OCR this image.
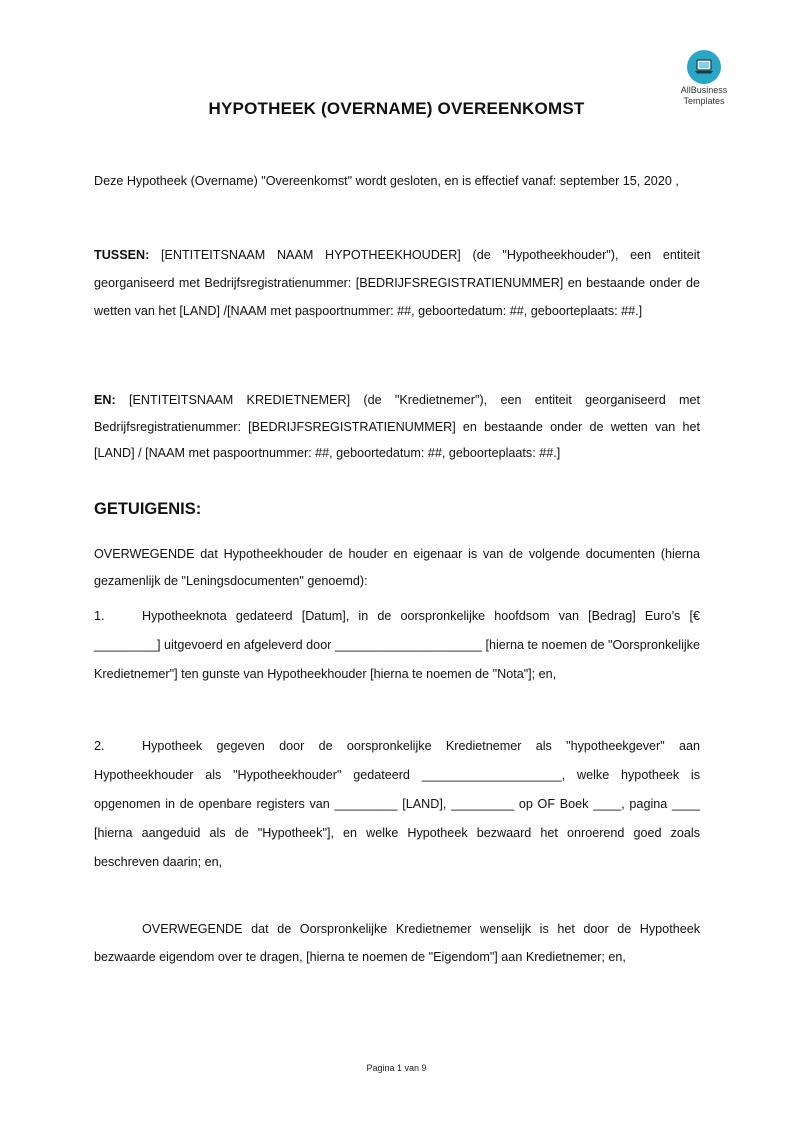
AllBusiness
Templates
HYPOTHEEK (OVERNAME) OVEREENKOMST
Deze Hypotheek (Overname) "Overeenkomst" wordt gesloten, en is effectief vanaf: september 15, 2020 ,
TUSSEN: [ENTITEITSNAAM NAAM HYPOTHEEKHOUDER] (de "Hypotheekhouder"), een entiteit georganiseerd met Bedrijfsregistratienummer: [BEDRIJFSREGISTRATIENUMMER] en bestaande onder de wetten van het [LAND] /[NAAM met paspoortnummer: ##, geboortedatum: ##, geboorteplaats: ##.]
EN: [ENTITEITSNAAM KREDIETNEMER] (de "Kredietnemer"), een entiteit georganiseerd met Bedrijfsregistratienummer: [BEDRIJFSREGISTRATIENUMMER] en bestaande onder de wetten van het [LAND] / [NAAM met paspoortnummer: ##, geboortedatum: ##, geboorteplaats: ##.]
GETUIGENIS:
OVERWEGENDE dat Hypotheekhouder de houder en eigenaar is van de volgende documenten (hierna gezamenlijk de "Leningsdocumenten" genoemd):
1.	Hypotheeknota gedateerd [Datum], in de oorspronkelijke hoofdsom van [Bedrag] Euro’s [€ _________] uitgevoerd en afgeleverd door _____________________ [hierna te noemen de "Oorspronkelijke Kredietnemer"] ten gunste van Hypotheekhouder [hierna te noemen de "Nota"]; en,
2.	Hypotheek gegeven door de oorspronkelijke Kredietnemer als "hypotheekgever" aan Hypotheekhouder als "Hypotheekhouder" gedateerd ____________________, welke hypotheek is opgenomen in de openbare registers van _________ [LAND], _________ op OF Boek ____, pagina ____ [hierna aangeduid als de "Hypotheek"], en welke Hypotheek bezwaard het onroerend goed zoals beschreven daarin; en,
OVERWEGENDE dat de Oorspronkelijke Kredietnemer wenselijk is het door de Hypotheek bezwaarde eigendom over te dragen, [hierna te noemen de "Eigendom"] aan Kredietnemer; en,
Pagina 1 van 9
